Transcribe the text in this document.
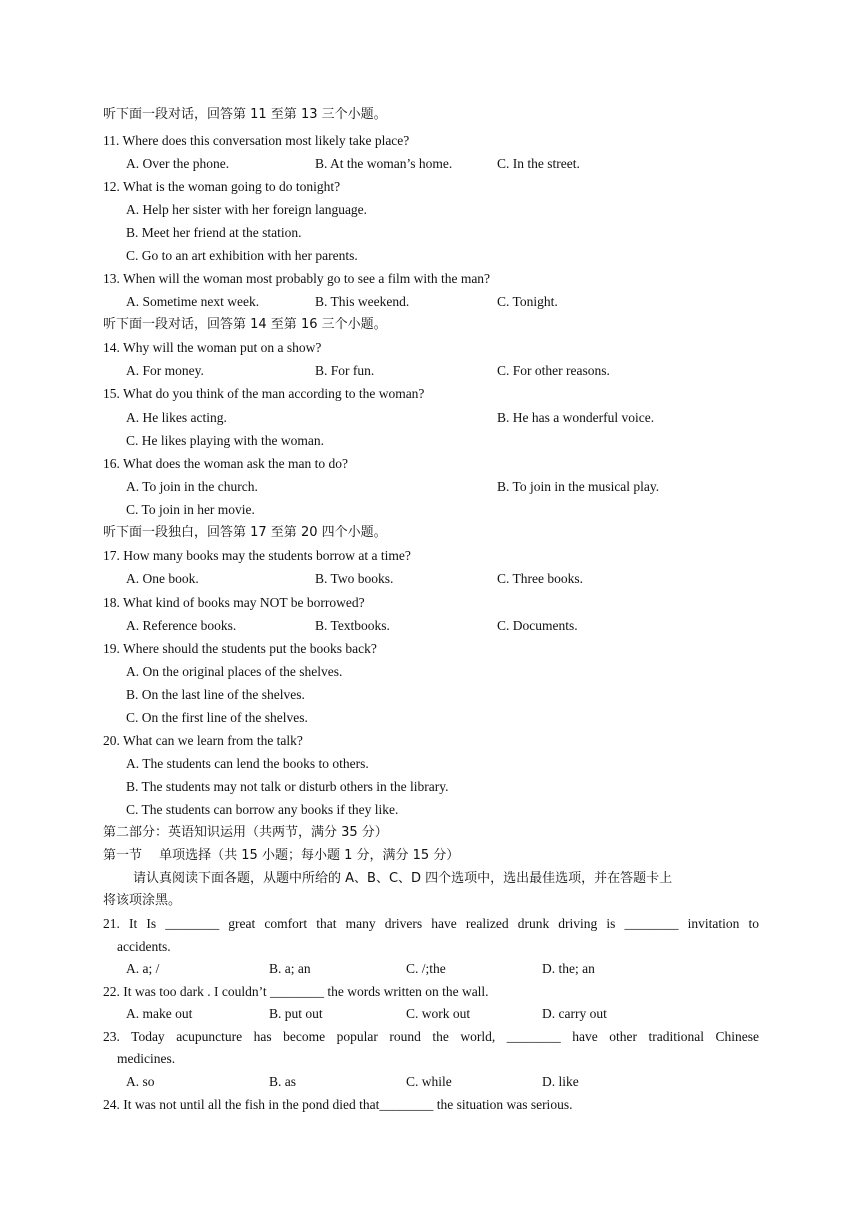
听下面一段对话，回答第 11 至第 13 三个小题。
11. Where does this conversation most likely take place?
A. Over the phone.	B. At the woman’s home.	C. In the street.
12. What is the woman going to do tonight?
A. Help her sister with her foreign language.
B. Meet her friend at the station.
C. Go to an art exhibition with her parents.
13. When will the woman most probably go to see a film with the man?
A. Sometime next week.	B. This weekend.	C. Tonight.
听下面一段对话，回答第 14 至第 16 三个小题。
14. Why will the woman put on a show?
A. For money.	B. For fun.	C. For other reasons.
15. What do you think of the man according to the woman?
A. He likes acting.	B. He has a wonderful voice.
C. He likes playing with the woman.
16. What does the woman ask the man to do?
A. To join in the church.	B. To join in the musical play.
C. To join in her movie.
听下面一段独白，回答第 17 至第 20 四个小题。
17. How many books may the students borrow at a time?
A. One book.	B. Two books.	C. Three books.
18. What kind of books may NOT be borrowed?
A. Reference books.	B. Textbooks.	C. Documents.
19. Where should the students put the books back?
A. On the original places of the shelves.
B. On the last line of the shelves.
C. On the first line of the shelves.
20. What can we learn from the talk?
A. The students can lend the books to others.
B. The students may not talk or disturb others in the library.
C. The students can borrow any books if they like.
第二部分：英语知识运用（共两节，满分 35 分）
第一节　 单项选择（共 15 小题；每小题 1 分，满分 15 分）
请认真阅读下面各题，从题中所给的 A、B、C、D 四个选项中，选出最佳选项，并在答题卡上
将该项涂黑。
21. It Is ________ great comfort that many drivers have realized drunk driving is ________ invitation to
accidents.
A. a; /	B. a; an	C. /;the	D. the; an
22. It was too dark . I couldn’t ________ the words written on the wall.
A. make out	B. put out	C. work out	D. carry out
23. Today acupuncture has become popular round the world, ________ have other traditional Chinese
medicines.
A. so	B. as	C. while	D. like
24. It was not until all the fish in the pond died that________ the situation was serious.
